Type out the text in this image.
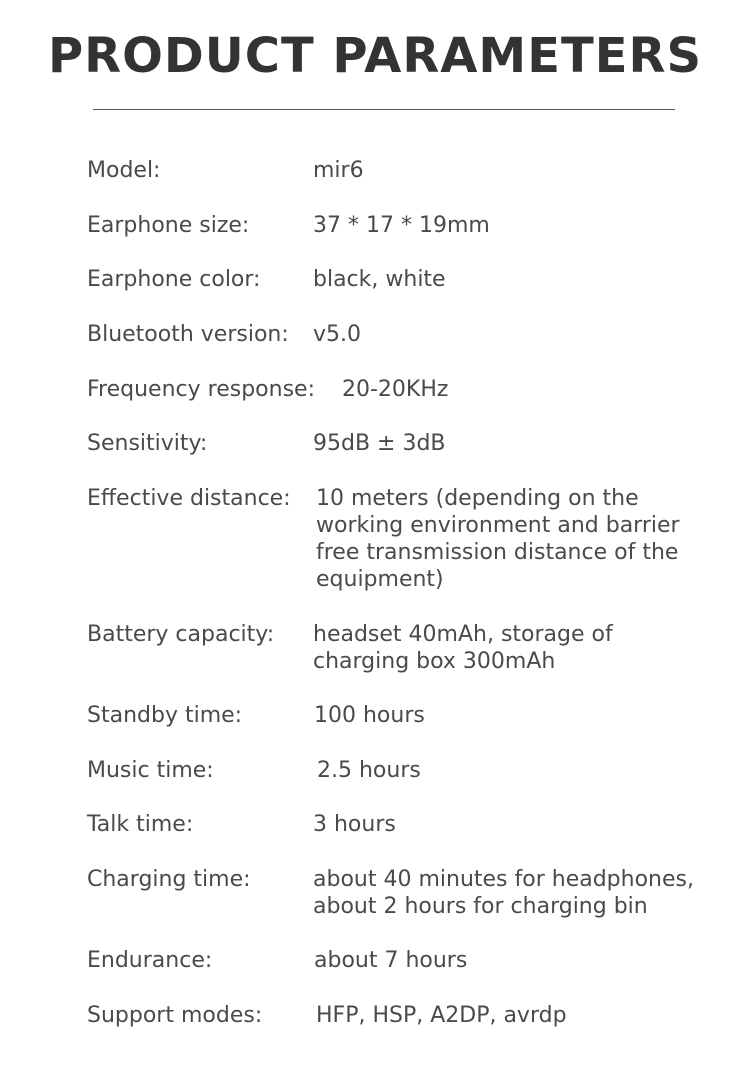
PRODUCT PARAMETERS
Model:	mir6
Earphone size:	37 * 17 * 19mm
Earphone color: black, white
Bluetooth version: v5.0
Frequency response: 20-20KHz
Sensitivity:	95dB ± 3dB
Effective distance: 10 meters (depending on the
working environment and barrier
free transmission distance of the
equipment)
Battery capacity: headset 40mAh, storage of
charging box 300mAh
Standby time:	100 hours
Music time:	2.5 hours
Talk time:	3 hours
Charging time:	about 40 minutes for headphones,
about 2 hours for charging bin
Endurance:	about 7 hours
Support modes: HFP, HSP, A2DP, avrdp
